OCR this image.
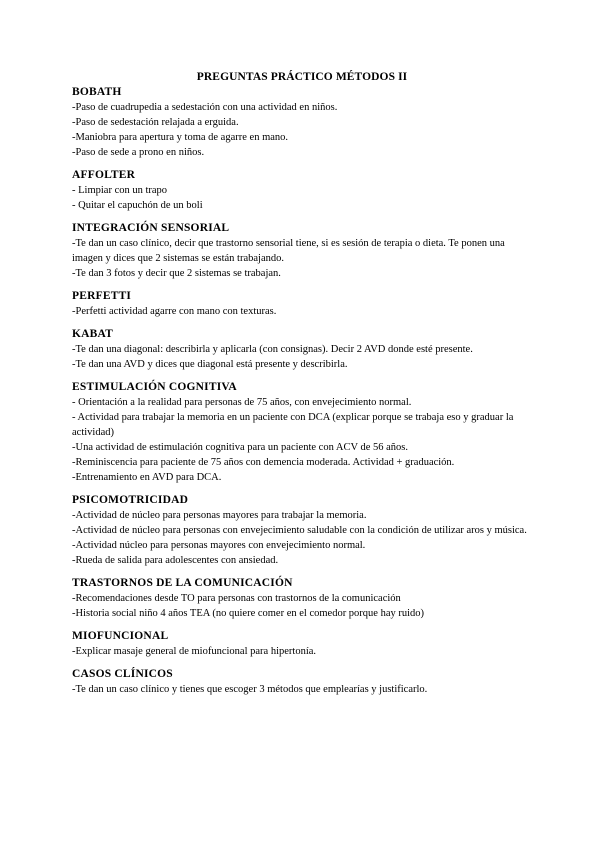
PREGUNTAS PRÁCTICO MÉTODOS II
BOBATH
-Paso de cuadrupedia a sedestación con una actividad en niños.
-Paso de sedestación relajada a erguida.
-Maniobra para apertura y toma de agarre en mano.
-Paso de sede a prono en niños.
AFFOLTER
- Limpiar con un trapo
- Quitar el capuchón de un boli
INTEGRACIÓN SENSORIAL
-Te dan un caso clínico, decir que trastorno sensorial tiene, si es sesión de terapia o dieta. Te ponen una imagen y dices que 2 sistemas se están trabajando.
-Te dan 3 fotos y decir que 2 sistemas se trabajan.
PERFETTI
-Perfetti actividad agarre con mano con texturas.
KABAT
-Te dan una diagonal: describirla y aplicarla (con consignas). Decir 2 AVD donde esté presente.
-Te dan una AVD y dices que diagonal está presente y describirla.
ESTIMULACIÓN COGNITIVA
- Orientación a la realidad para personas de 75 años, con envejecimiento normal.
- Actividad para trabajar la memoria en un paciente con DCA (explicar porque se trabaja eso y graduar la actividad)
-Una actividad de estimulación cognitiva para un paciente con ACV de 56 años.
-Reminiscencia para paciente de 75 años con demencia moderada. Actividad + graduación.
-Entrenamiento en AVD para DCA.
PSICOMOTRICIDAD
-Actividad de núcleo para personas mayores para trabajar la memoria.
-Actividad de núcleo para personas con envejecimiento saludable con la condición de utilizar aros y música.
-Actividad núcleo para personas mayores con envejecimiento normal.
-Rueda de salida para adolescentes con ansiedad.
TRASTORNOS DE LA COMUNICACIÓN
-Recomendaciones desde TO para personas con trastornos de la comunicación
-Historia social niño 4 años TEA (no quiere comer en el comedor porque hay ruido)
MIOFUNCIONAL
-Explicar masaje general de miofuncional para hipertonía.
CASOS CLÍNICOS
-Te dan un caso clínico y tienes que escoger 3 métodos que emplearías y justificarlo.
